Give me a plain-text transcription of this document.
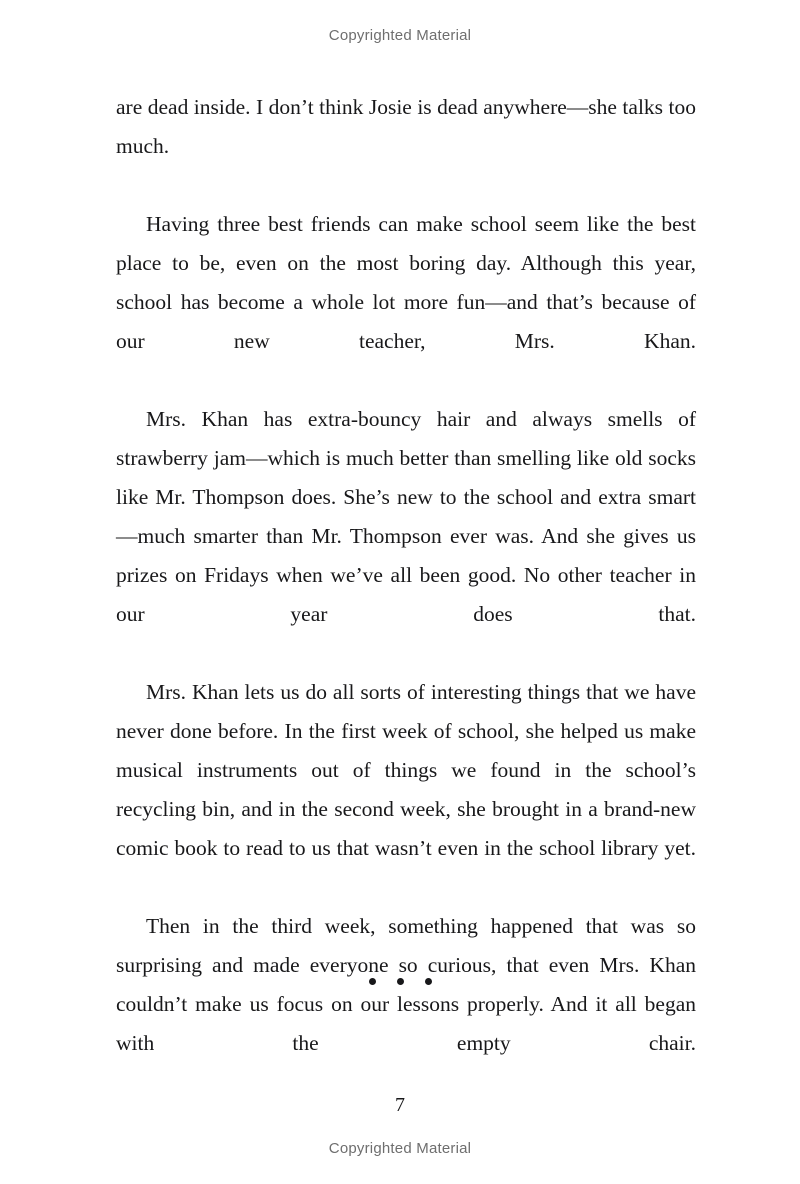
Copyrighted Material

are dead inside. I don’t think Josie is dead anywhere—she talks too much.

Having three best friends can make school seem like the best place to be, even on the most boring day. Although this year, school has become a whole lot more fun—and that’s because of our new teacher, Mrs. Khan.

Mrs. Khan has extra-bouncy hair and always smells of strawberry jam—which is much better than smelling like old socks like Mr. Thompson does. She’s new to the school and extra smart—much smarter than Mr. Thompson ever was. And she gives us prizes on Fridays when we’ve all been good. No other teacher in our year does that.

Mrs. Khan lets us do all sorts of interesting things that we have never done before. In the first week of school, she helped us make musical instruments out of things we found in the school’s recycling bin, and in the second week, she brought in a brand-new comic book to read to us that wasn’t even in the school library yet.

Then in the third week, something happened that was so surprising and made everyone so curious, that even Mrs. Khan couldn’t make us focus on our lessons properly. And it all began with the empty chair.

7
Copyrighted Material
